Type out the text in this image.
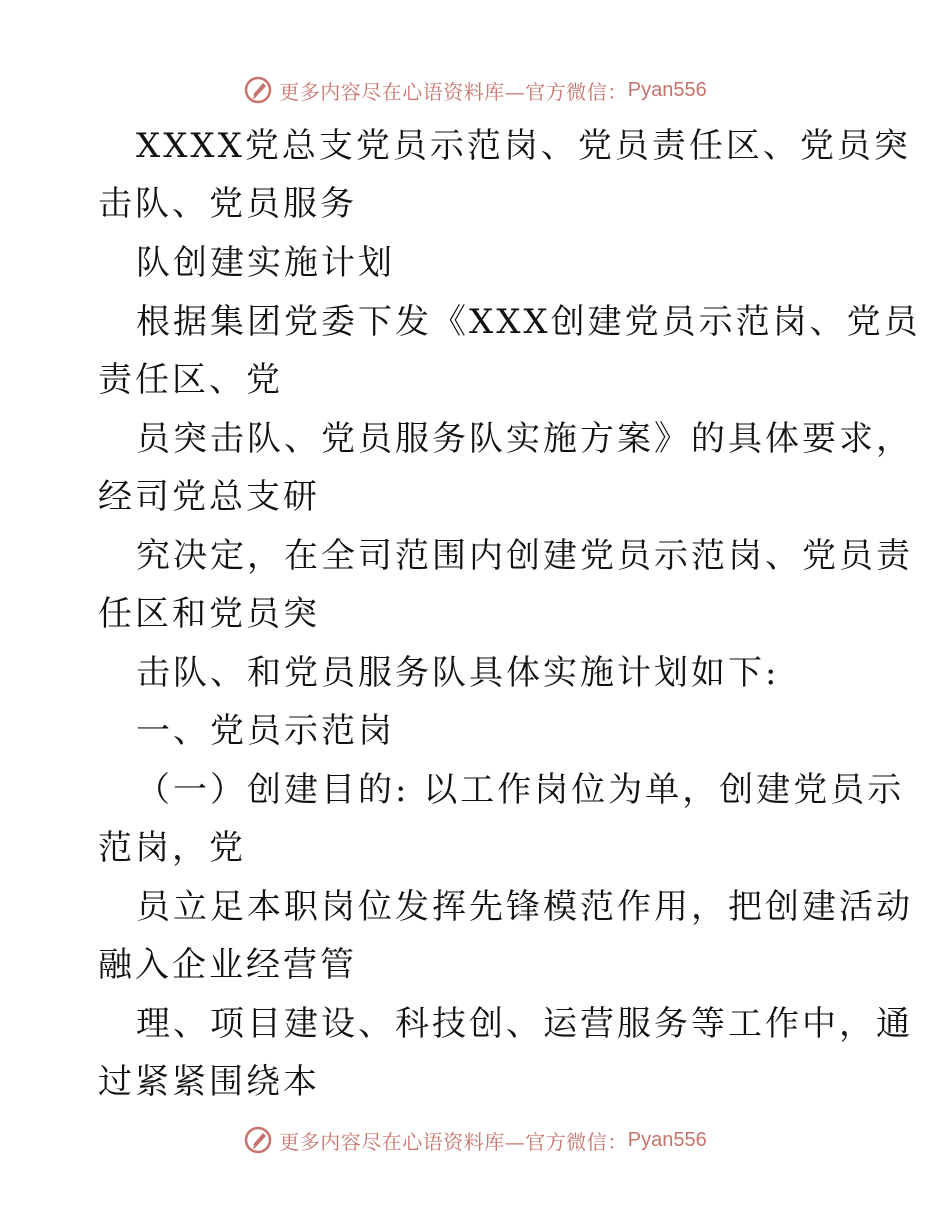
更多内容尽在心语资料库—官方微信： Pyan556
XXXX党总支党员示范岗、党员责任区、党员突
击队、党员服务
队创建实施计划
根据集团党委下发《XXX创建党员示范岗、党员
责任区、党
员突击队、党员服务队实施方案》的具体要求，
经司党总支研
究决定，在全司范围内创建党员示范岗、党员责
任区和党员突
击队、和党员服务队具体实施计划如下:
一、党员示范岗
（一）创建目的: 以工作岗位为单，创建党员示
范岗，党
员立足本职岗位发挥先锋模范作用，把创建活动
融入企业经营管
理、项目建设、科技创、运营服务等工作中，通
过紧紧围绕本
更多内容尽在心语资料库—官方微信： Pyan556
